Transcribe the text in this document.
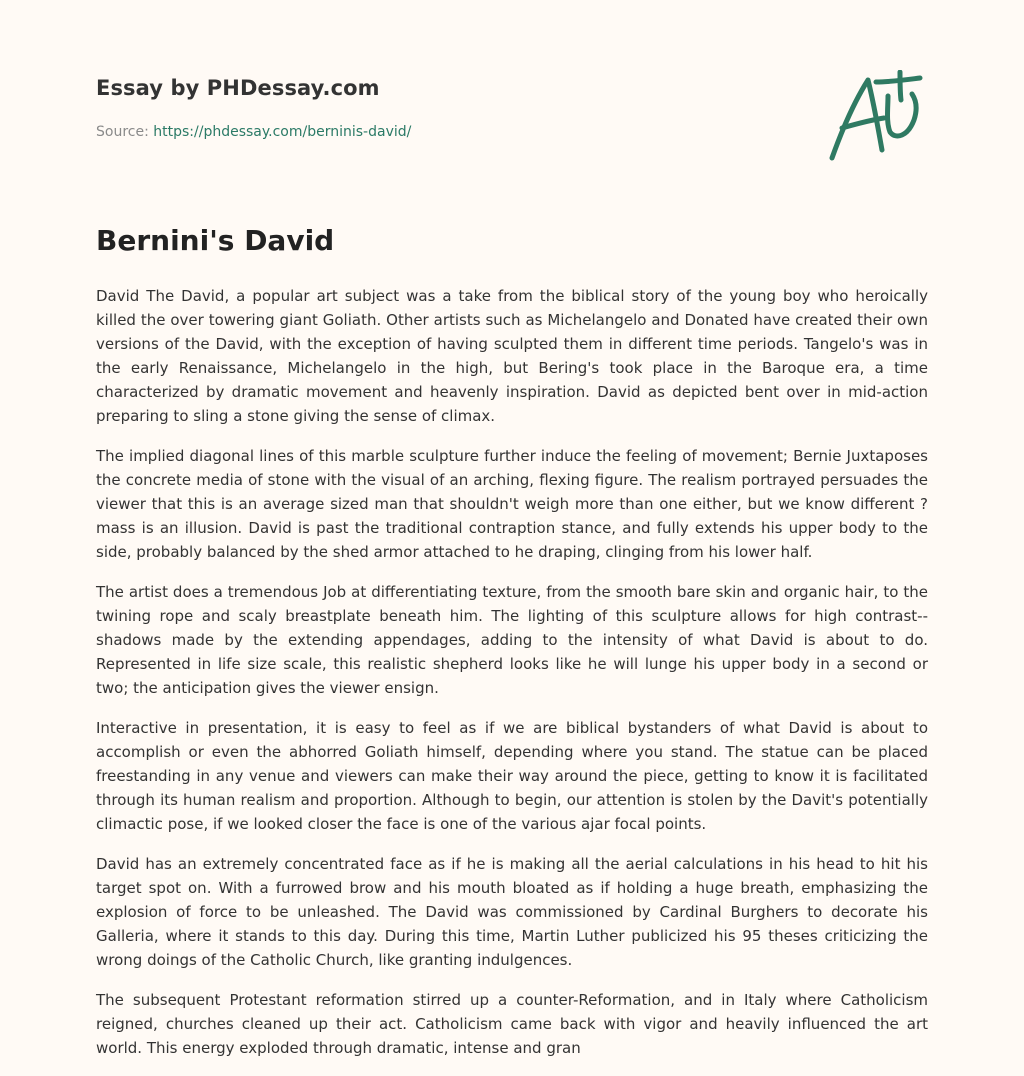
Essay by PHDessay.com
Source: https://phdessay.com/berninis-david/
Bernini's David

David The David, a popular art subject was a take from the biblical story of the young boy who heroically killed the over towering giant Goliath. Other artists such as Michelangelo and Donated have created their own versions of the David, with the exception of having sculpted them in different time periods. Tangelo's was in the early Renaissance, Michelangelo in the high, but Bering's took place in the Baroque era, a time characterized by dramatic movement and heavenly inspiration. David as depicted bent over in mid-action preparing to sling a stone giving the sense of climax.

The implied diagonal lines of this marble sculpture further induce the feeling of movement; Bernie Juxtaposes the concrete media of stone with the visual of an arching, flexing figure. The realism portrayed persuades the viewer that this is an average sized man that shouldn't weigh more than one either, but we know different ?mass is an illusion. David is past the traditional contraption stance, and fully extends his upper body to the side, probably balanced by the shed armor attached to he draping, clinging from his lower half.

The artist does a tremendous Job at differentiating texture, from the smooth bare skin and organic hair, to the twining rope and scaly breastplate beneath him. The lighting of this sculpture allows for high contrast--shadows made by the extending appendages, adding to the intensity of what David is about to do. Represented in life size scale, this realistic shepherd looks like he will lunge his upper body in a second or two; the anticipation gives the viewer ensign.

Interactive in presentation, it is easy to feel as if we are biblical bystanders of what David is about to accomplish or even the abhorred Goliath himself, depending where you stand. The statue can be placed freestanding in any venue and viewers can make their way around the piece, getting to know it is facilitated through its human realism and proportion. Although to begin, our attention is stolen by the Davit's potentially climactic pose, if we looked closer the face is one of the various ajar focal points.

David has an extremely concentrated face as if he is making all the aerial calculations in his head to hit his target spot on. With a furrowed brow and his mouth bloated as if holding a huge breath, emphasizing the explosion of force to be unleashed. The David was commissioned by Cardinal Burghers to decorate his Galleria, where it stands to this day. During this time, Martin Luther publicized his 95 theses criticizing the wrong doings of the Catholic Church, like granting indulgences.

The subsequent Protestant reformation stirred up a counter-Reformation, and in Italy where Catholicism reigned, churches cleaned up their act. Catholicism came back with vigor and heavily influenced the art world. This energy exploded through dramatic, intense and gran
